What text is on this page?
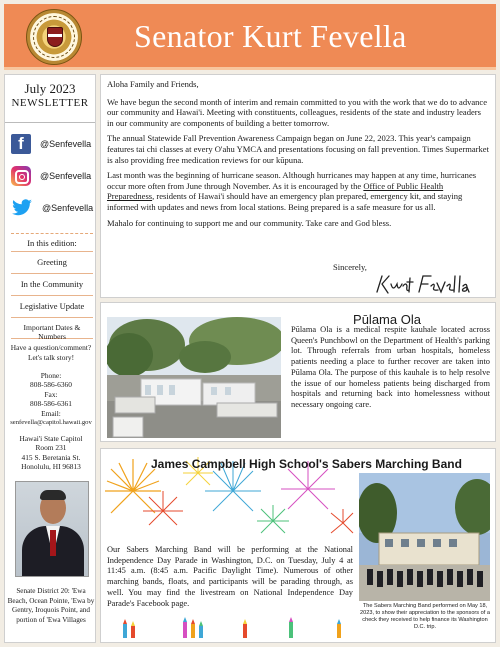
Senator Kurt Fevella
July 2023
NEWSLETTER
f	@Senfevella
@Senfevella
@Senfevella
In this edition:
Greeting
In the Community
Legislative Update
Important Dates & Numbers
Have a question/comment? Let's talk story!
Phone:
808-586-6360
Fax:
808-586-6361
Email:
senfevella@capitol.hawaii.gov
Hawai'i State Capitol
Room 231
415 S. Beretania St.
Honolulu, HI 96813
Senate District 20: 'Ewa Beach, Ocean Pointe, 'Ewa by Gentry, Iroquois Point, and portion of 'Ewa Villages

Aloha Family and Friends,

We have begun the second month of interim and remain committed to you with the work that we do to advance our community and Hawai'i. Meeting with constituents, colleagues, residents of the state and industry leaders in our community are components of building a better tomorrow.

The annual Statewide Fall Prevention Awareness Campaign began on June 22, 2023. This year's campaign features tai chi classes at every O'ahu YMCA and presentations focusing on fall prevention. Times Supermarket is also providing free medication reviews for our kūpuna.

Last month was the beginning of hurricane season. Although hurricanes may happen at any time, hurricanes occur more often from June through November. As it is encouraged by the Office of Public Health Preparedness, residents of Hawai'i should have an emergency plan prepared, emergency kit, and staying informed with updates and news from local stations. Being prepared is a safe measure for us all.

Mahalo for continuing to support me and our community. Take care and God bless.

Sincerely,
Pūlama Ola
Pūlama Ola is a medical respite kauhale located across Queen's Punchbowl on the Department of Health's parking lot. Through referrals from urban hospitals, homeless patients needing a place to further recover are taken into Pūlama Ola. The purpose of this kauhale is to help resolve the issue of our homeless patients being discharged from hospitals and returning back into homelessness without necessary ongoing care.
James Campbell High School's Sabers Marching Band
Our Sabers Marching Band will be performing at the National Independence Day Parade in Washington, D.C. on Tuesday, July 4 at 11:45 a.m. (8:45 a.m. Pacific Daylight Time). Numerous of other marching bands, floats, and participants will be parading through, as well. You may find the livestream on National Independence Day Parade's Facebook page.	The Sabers Marching Band performed on May 18, 2023, to show their appreciation to the sponsors of a check they received to help finance its Washington D.C. trip.
